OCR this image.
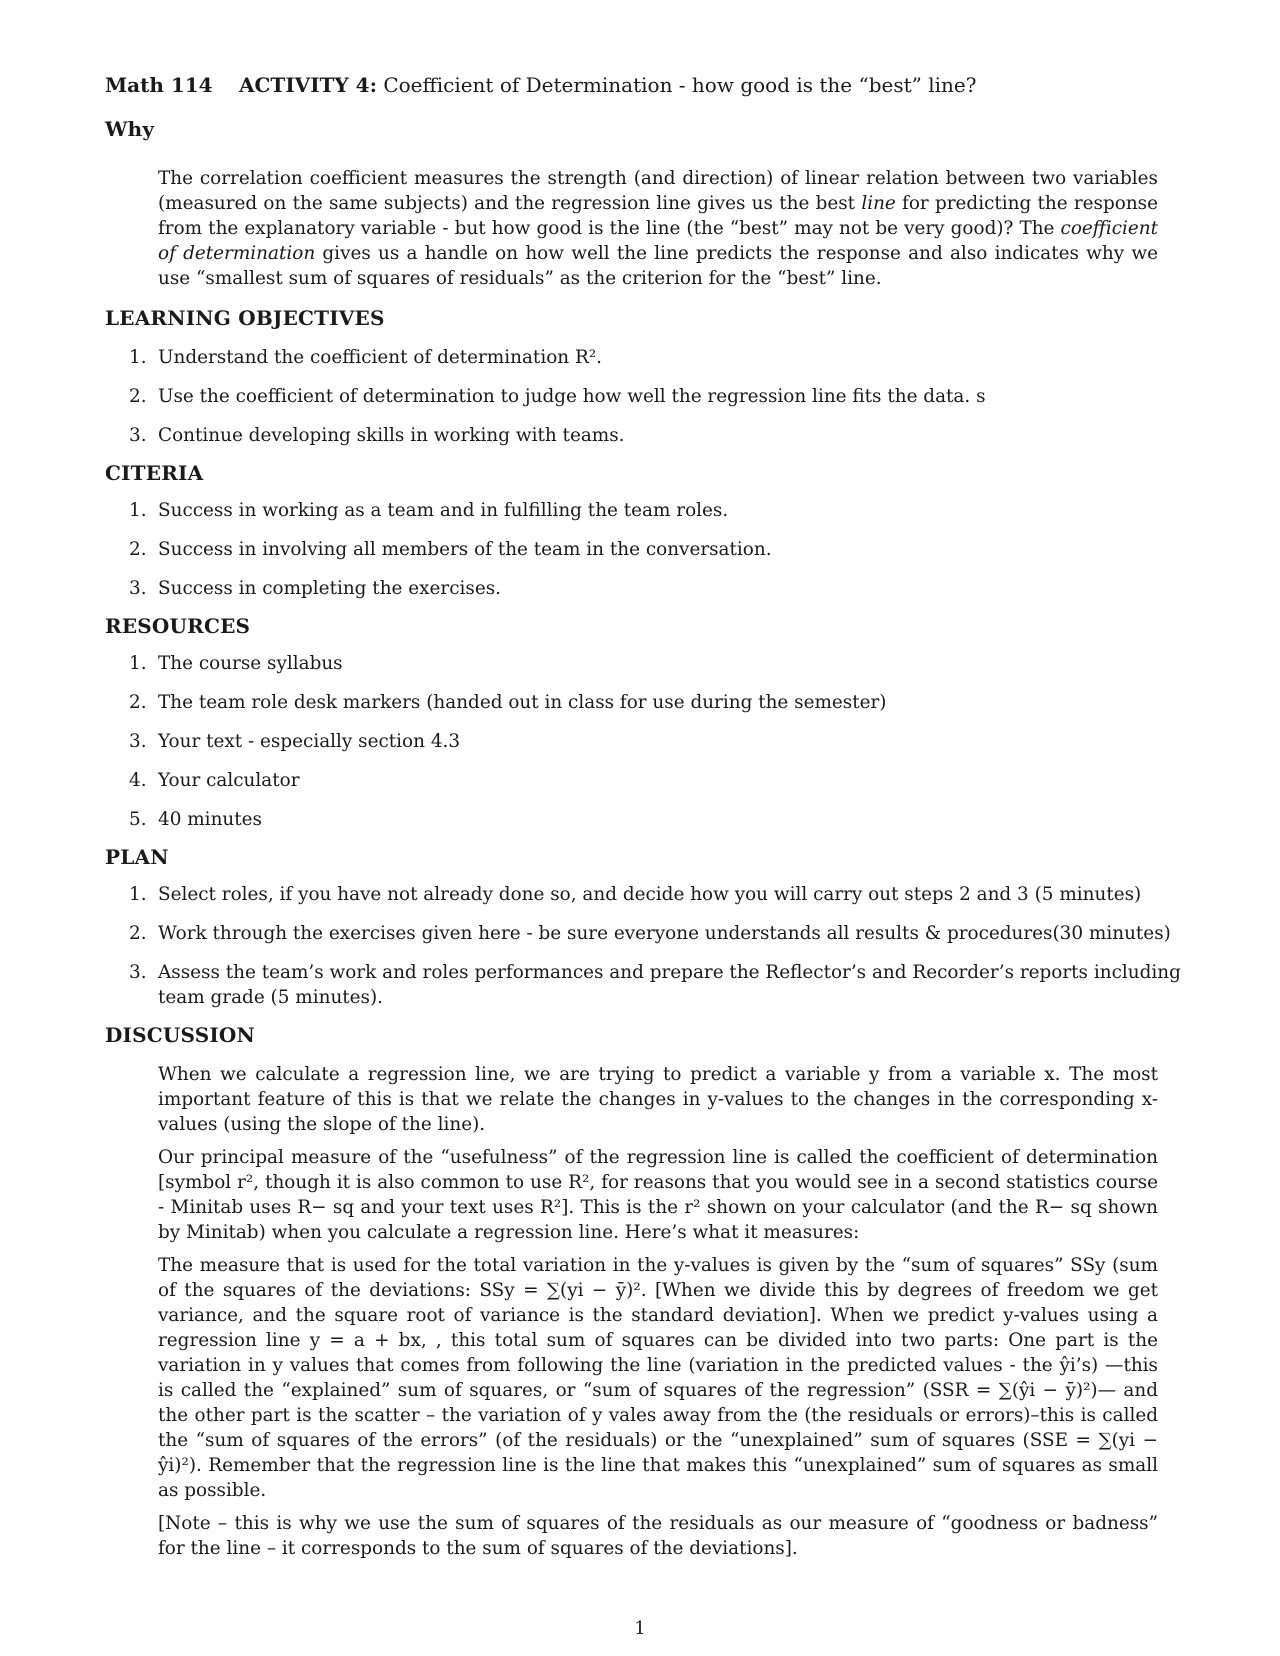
Math 114 ACTIVITY 4: Coefficient of Determination - how good is the “best” line?
Why

The correlation coefficient measures the strength (and direction) of linear relation between two variables (measured on the same subjects) and the regression line gives us the best line for predicting the response from the explanatory variable - but how good is the line (the “best” may not be very good)? The coefficient of determination gives us a handle on how well the line predicts the response and also indicates why we use “smallest sum of squares of residuals” as the criterion for the “best” line.

LEARNING OBJECTIVES
1. Understand the coefficient of determination R².
2. Use the coefficient of determination to judge how well the regression line fits the data. s
3. Continue developing skills in working with teams.
CITERIA
1. Success in working as a team and in fulfilling the team roles.
2. Success in involving all members of the team in the conversation.
3. Success in completing the exercises.
RESOURCES
1. The course syllabus
2. The team role desk markers (handed out in class for use during the semester)
3. Your text - especially section 4.3
4. Your calculator
5. 40 minutes
PLAN
1. Select roles, if you have not already done so, and decide how you will carry out steps 2 and 3 (5 minutes)
2. Work through the exercises given here - be sure everyone understands all results & procedures(30 minutes)
3. Assess the team’s work and roles performances and prepare the Reflector’s and Recorder’s reports including team grade (5 minutes).
DISCUSSION

When we calculate a regression line, we are trying to predict a variable y from a variable x. The most important feature of this is that we relate the changes in y-values to the changes in the corresponding x- values (using the slope of the line).

Our principal measure of the “usefulness” of the regression line is called the coefficient of determination [symbol r², though it is also common to use R², for reasons that you would see in a second statistics course - Minitab uses R− sq and your text uses R²]. This is the r² shown on your calculator (and the R− sq shown by Minitab) when you calculate a regression line. Here’s what it measures:

The measure that is used for the total variation in the y-values is given by the “sum of squares” SSy (sum of the squares of the deviations: SSy = ∑(yi − ȳ)². [When we divide this by degrees of freedom we get variance, and the square root of variance is the standard deviation]. When we predict y-values using a regression line y = a + bx, , this total sum of squares can be divided into two parts: One part is the variation in y values that comes from following the line (variation in the predicted values - the ŷi’s) —this is called the “explained” sum of squares, or “sum of squares of the regression” (SSR = ∑(ŷi − ȳ)²)— and the other part is the scatter – the variation of y vales away from the (the residuals or errors)–this is called the “sum of squares of the errors” (of the residuals) or the “unexplained” sum of squares (SSE = ∑(yi − ŷi)²). Remember that the regression line is the line that makes this “unexplained” sum of squares as small as possible.

[Note – this is why we use the sum of squares of the residuals as our measure of “goodness or badness” for the line – it corresponds to the sum of squares of the deviations].

1
